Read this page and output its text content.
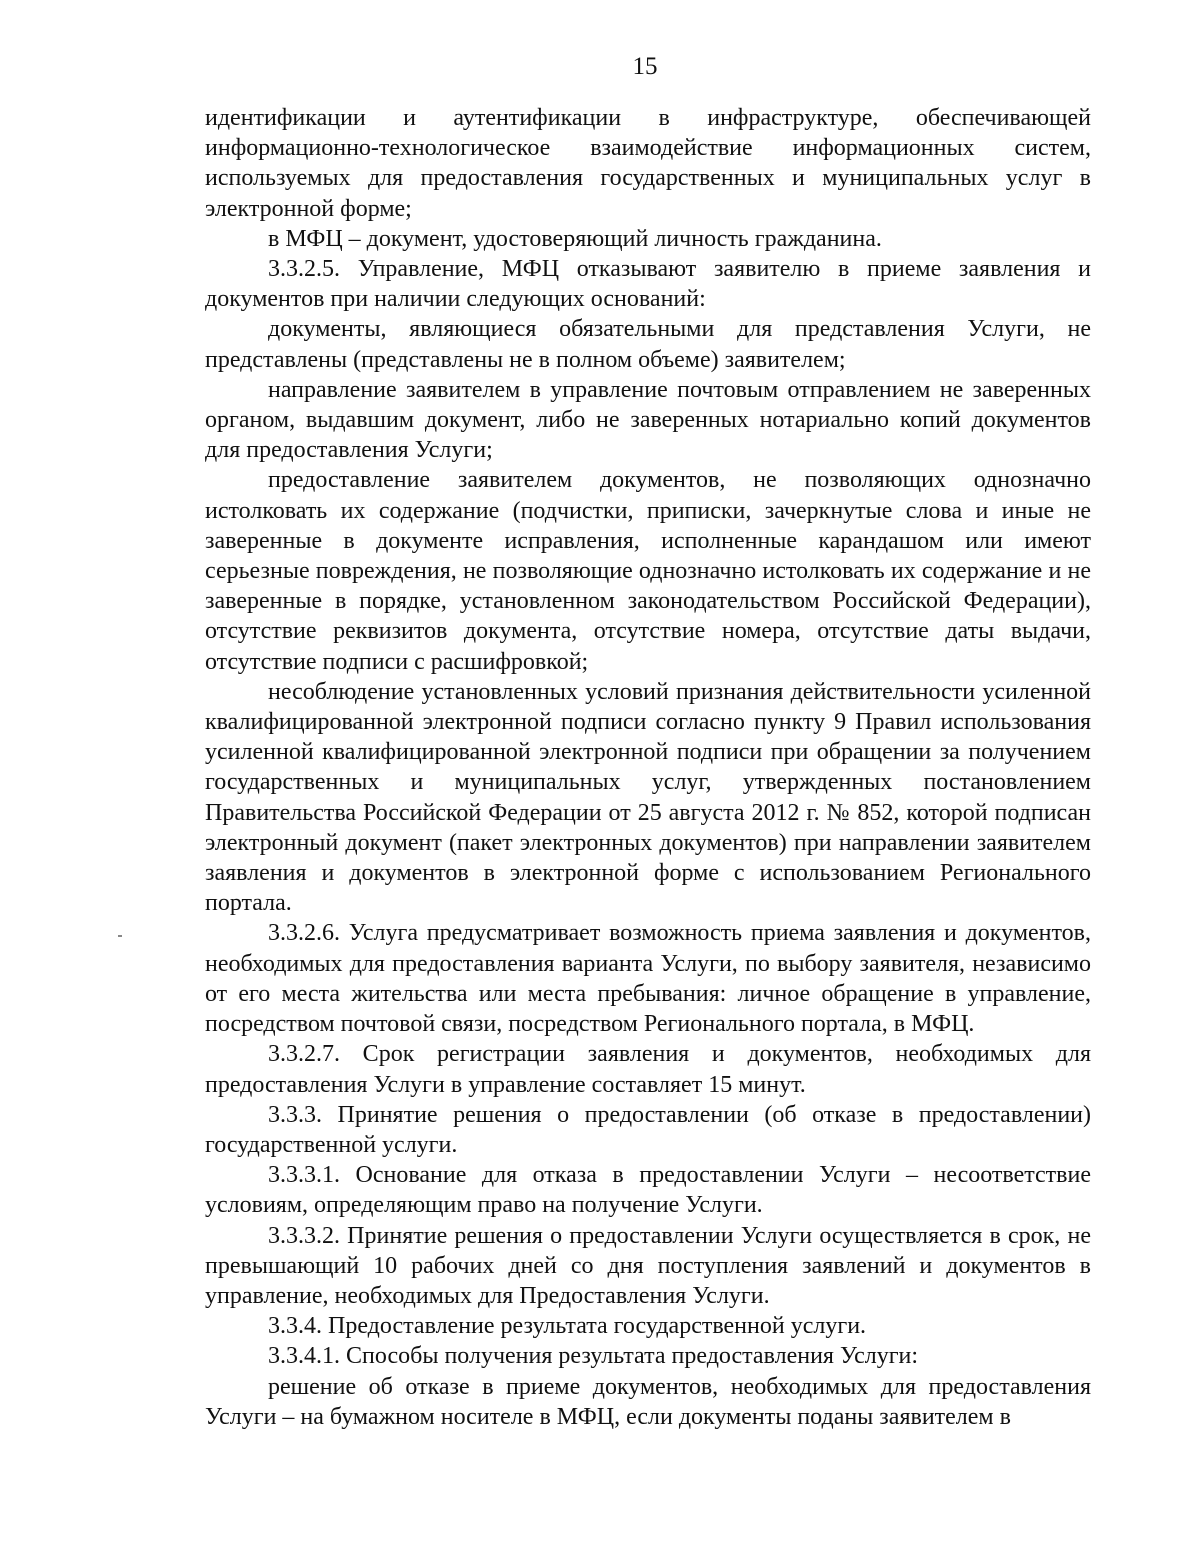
15

идентификации и аутентификации в инфраструктуре, обеспечивающей информационно-технологическое взаимодействие информационных систем, используемых для предоставления государственных и муниципальных услуг в электронной форме;

в МФЦ – документ, удостоверяющий личность гражданина.

3.3.2.5. Управление, МФЦ отказывают заявителю в приеме заявления и документов при наличии следующих оснований:

документы, являющиеся обязательными для представления Услуги, не представлены (представлены не в полном объеме) заявителем;

направление заявителем в управление почтовым отправлением не заверенных органом, выдавшим документ, либо не заверенных нотариально копий документов для предоставления Услуги;

предоставление заявителем документов, не позволяющих однозначно истолковать их содержание (подчистки, приписки, зачеркнутые слова и иные не заверенные в документе исправления, исполненные карандашом или имеют серьезные повреждения, не позволяющие однозначно истолковать их содержание и не заверенные в порядке, установленном законодательством Российской Федерации), отсутствие реквизитов документа, отсутствие номера, отсутствие даты выдачи, отсутствие подписи с расшифровкой;

несоблюдение установленных условий признания действительности усиленной квалифицированной электронной подписи согласно пункту 9 Правил использования усиленной квалифицированной электронной подписи при обращении за получением государственных и муниципальных услуг, утвержденных постановлением Правительства Российской Федерации от 25 августа 2012 г. № 852, которой подписан электронный документ (пакет электронных документов) при направлении заявителем заявления и документов в электронной форме с использованием Регионального портала.

3.3.2.6. Услуга предусматривает возможность приема заявления и документов, необходимых для предоставления варианта Услуги, по выбору заявителя, независимо от его места жительства или места пребывания: личное обращение в управление, посредством почтовой связи, посредством Регионального портала, в МФЦ.

3.3.2.7. Срок регистрации заявления и документов, необходимых для предоставления Услуги в управление составляет 15 минут.

3.3.3. Принятие решения о предоставлении (об отказе в предоставлении) государственной услуги.

3.3.3.1. Основание для отказа в предоставлении Услуги – несоответствие условиям, определяющим право на получение Услуги.

3.3.3.2. Принятие решения о предоставлении Услуги осуществляется в срок, не превышающий 10 рабочих дней со дня поступления заявлений и документов в управление, необходимых для Предоставления Услуги.

3.3.4. Предоставление результата государственной услуги.

3.3.4.1. Способы получения результата предоставления Услуги:

решение об отказе в приеме документов, необходимых для предоставления Услуги – на бумажном носителе в МФЦ, если документы поданы заявителем в
